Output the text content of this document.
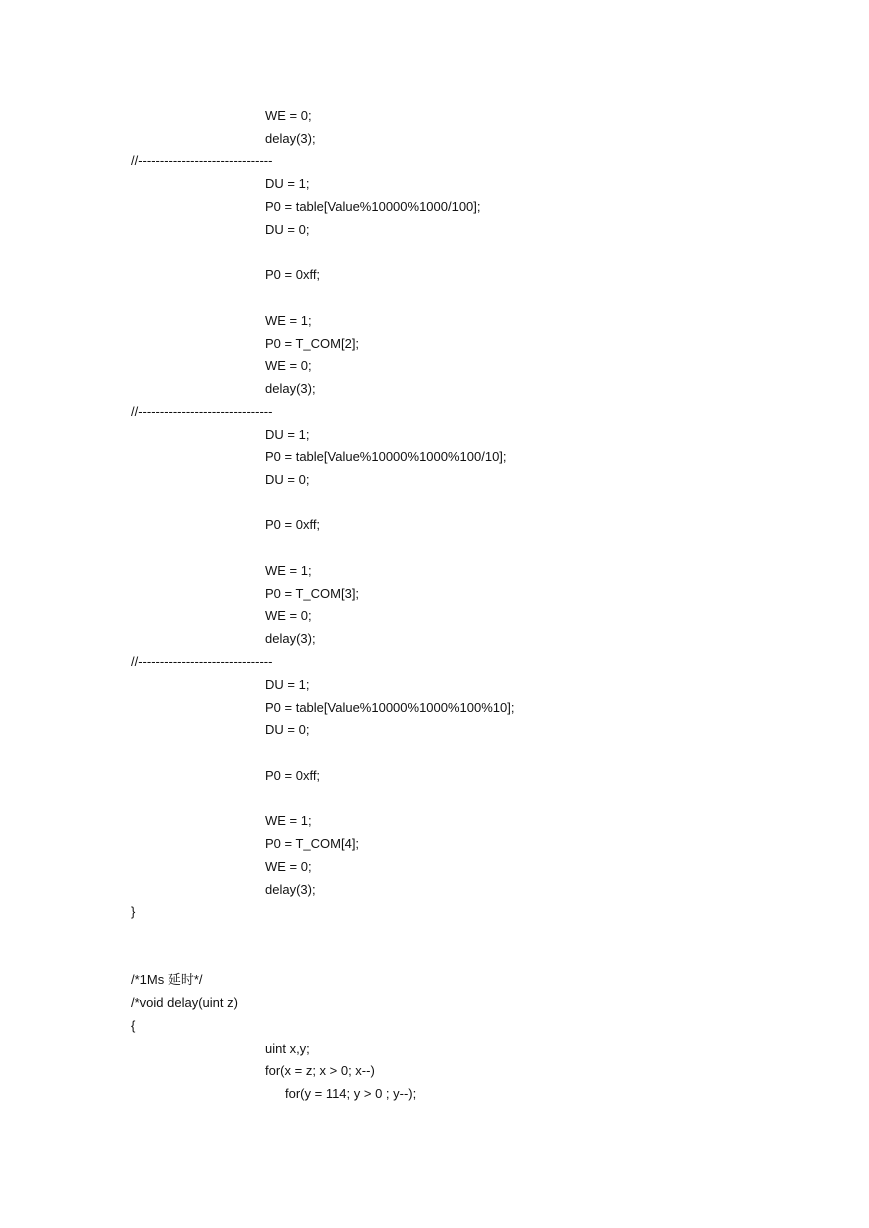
WE = 0;
delay(3);
//-------------------------------
DU = 1;
P0 = table[Value%10000%1000/100];
DU = 0;
P0 = 0xff;
WE = 1;
P0 = T_COM[2];
WE = 0;
delay(3);
//-------------------------------
DU = 1;
P0 = table[Value%10000%1000%100/10];
DU = 0;
P0 = 0xff;
WE = 1;
P0 = T_COM[3];
WE = 0;
delay(3);
//-------------------------------
DU = 1;
P0 = table[Value%10000%1000%100%10];
DU = 0;
P0 = 0xff;
WE = 1;
P0 = T_COM[4];
WE = 0;
delay(3);
}
/*1Ms 延时*/
/*void delay(uint z)
{
uint x,y;
for(x = z; x > 0; x--)
for(y = 114; y > 0 ; y--);
